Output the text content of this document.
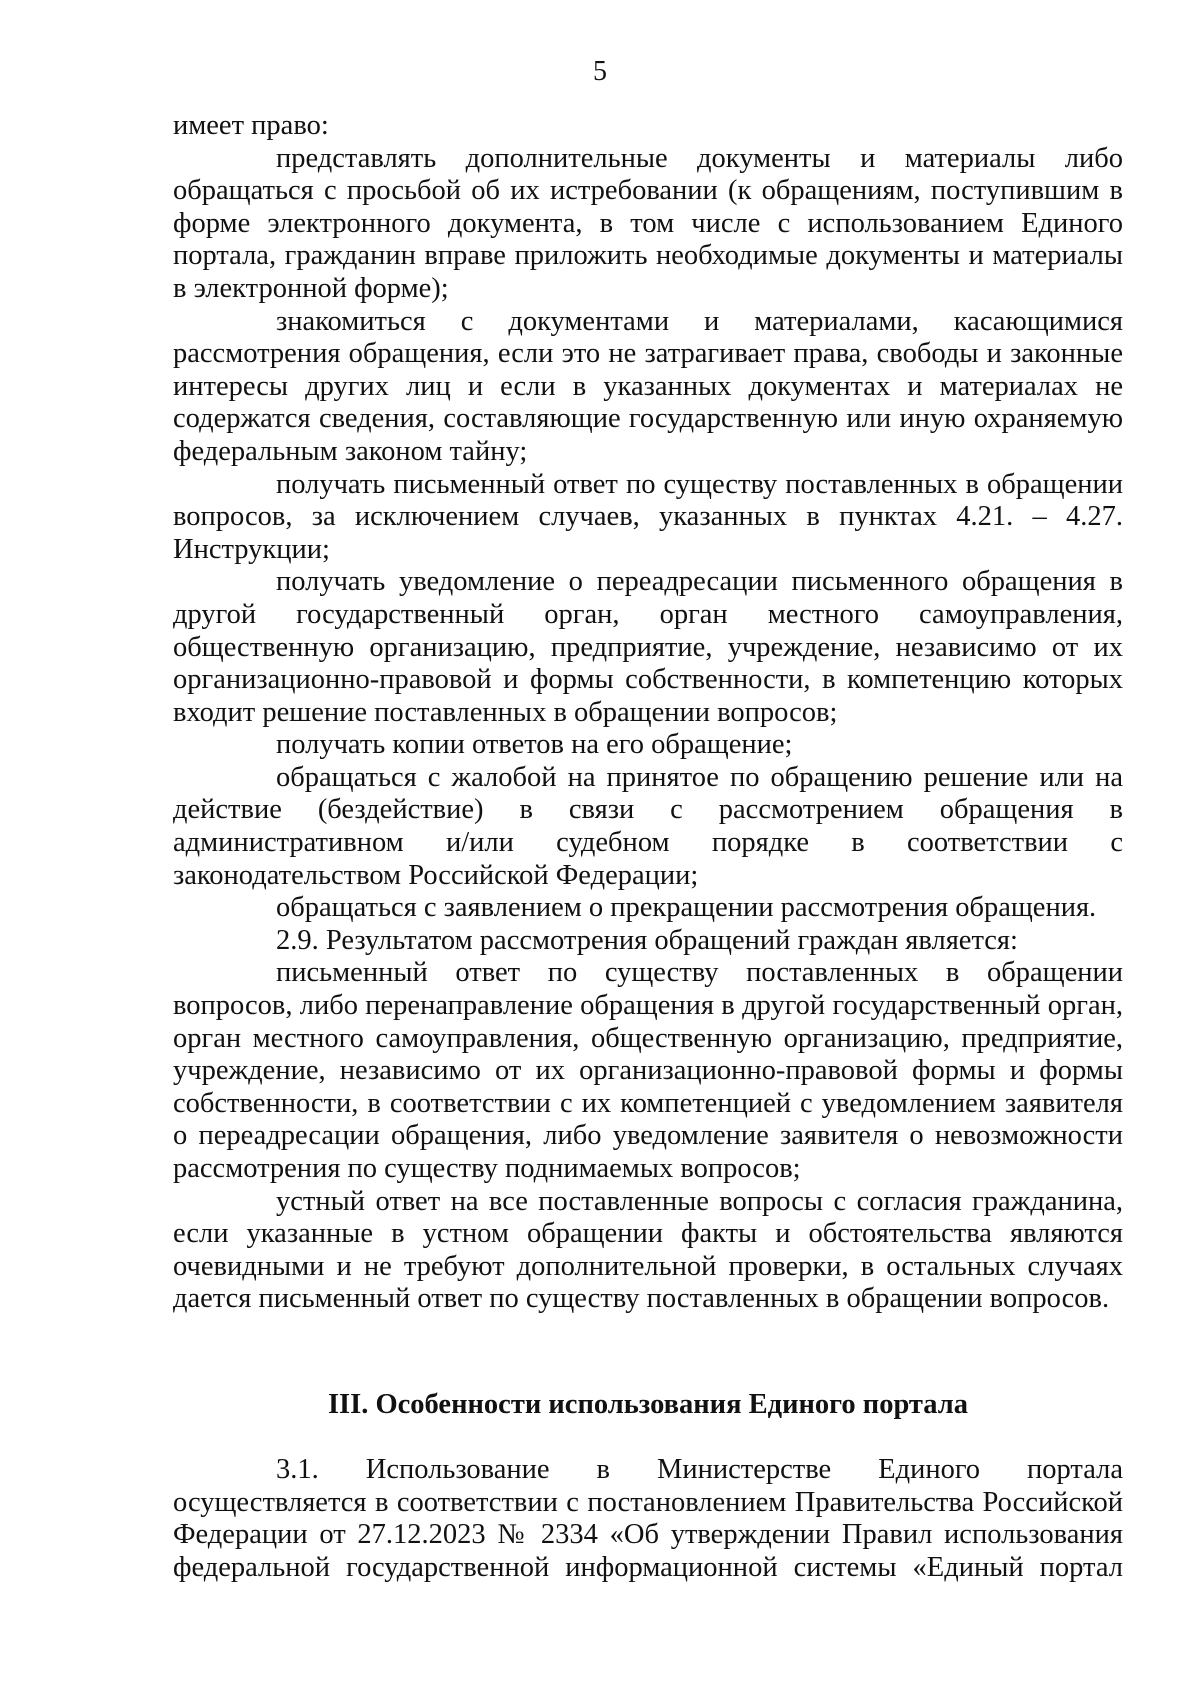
5

имеет право:

представлять дополнительные документы и материалы либо обращаться с просьбой об их истребовании (к обращениям, поступившим в форме электронного документа, в том числе с использованием Единого портала, гражданин вправе приложить необходимые документы и материалы в электронной форме);

знакомиться с документами и материалами, касающимися рассмотрения обращения, если это не затрагивает права, свободы и законные интересы других лиц и если в указанных документах и материалах не содержатся сведения, составляющие государственную или иную охраняемую федеральным законом тайну;

получать письменный ответ по существу поставленных в обращении вопросов, за исключением случаев, указанных в пунктах 4.21. – 4.27. Инструкции;

получать уведомление о переадресации письменного обращения в другой государственный орган, орган местного самоуправления, общественную организацию, предприятие, учреждение, независимо от их организационно-правовой и формы собственности, в компетенцию которых входит решение поставленных в обращении вопросов;

получать копии ответов на его обращение;

обращаться с жалобой на принятое по обращению решение или на действие (бездействие) в связи с рассмотрением обращения в административном и/или судебном порядке в соответствии с законодательством Российской Федерации;

обращаться с заявлением о прекращении рассмотрения обращения.

2.9. Результатом рассмотрения обращений граждан является:

письменный ответ по существу поставленных в обращении вопросов, либо перенаправление обращения в другой государственный орган, орган местного самоуправления, общественную организацию, предприятие, учреждение, независимо от их организационно-правовой формы и формы собственности, в соответствии с их компетенцией с уведомлением заявителя о переадресации обращения, либо уведомление заявителя о невозможности рассмотрения по существу поднимаемых вопросов;

устный ответ на все поставленные вопросы с согласия гражданина, если указанные в устном обращении факты и обстоятельства являются очевидными и не требуют дополнительной проверки, в остальных случаях дается письменный ответ по существу поставленных в обращении вопросов.

III. Особенности использования Единого портала

3.1. Использование в Министерстве Единого портала осуществляется в соответствии с постановлением Правительства Российской Федерации от 27.12.2023 № 2334 «Об утверждении Правил использования федеральной государственной информационной системы «Единый портал
